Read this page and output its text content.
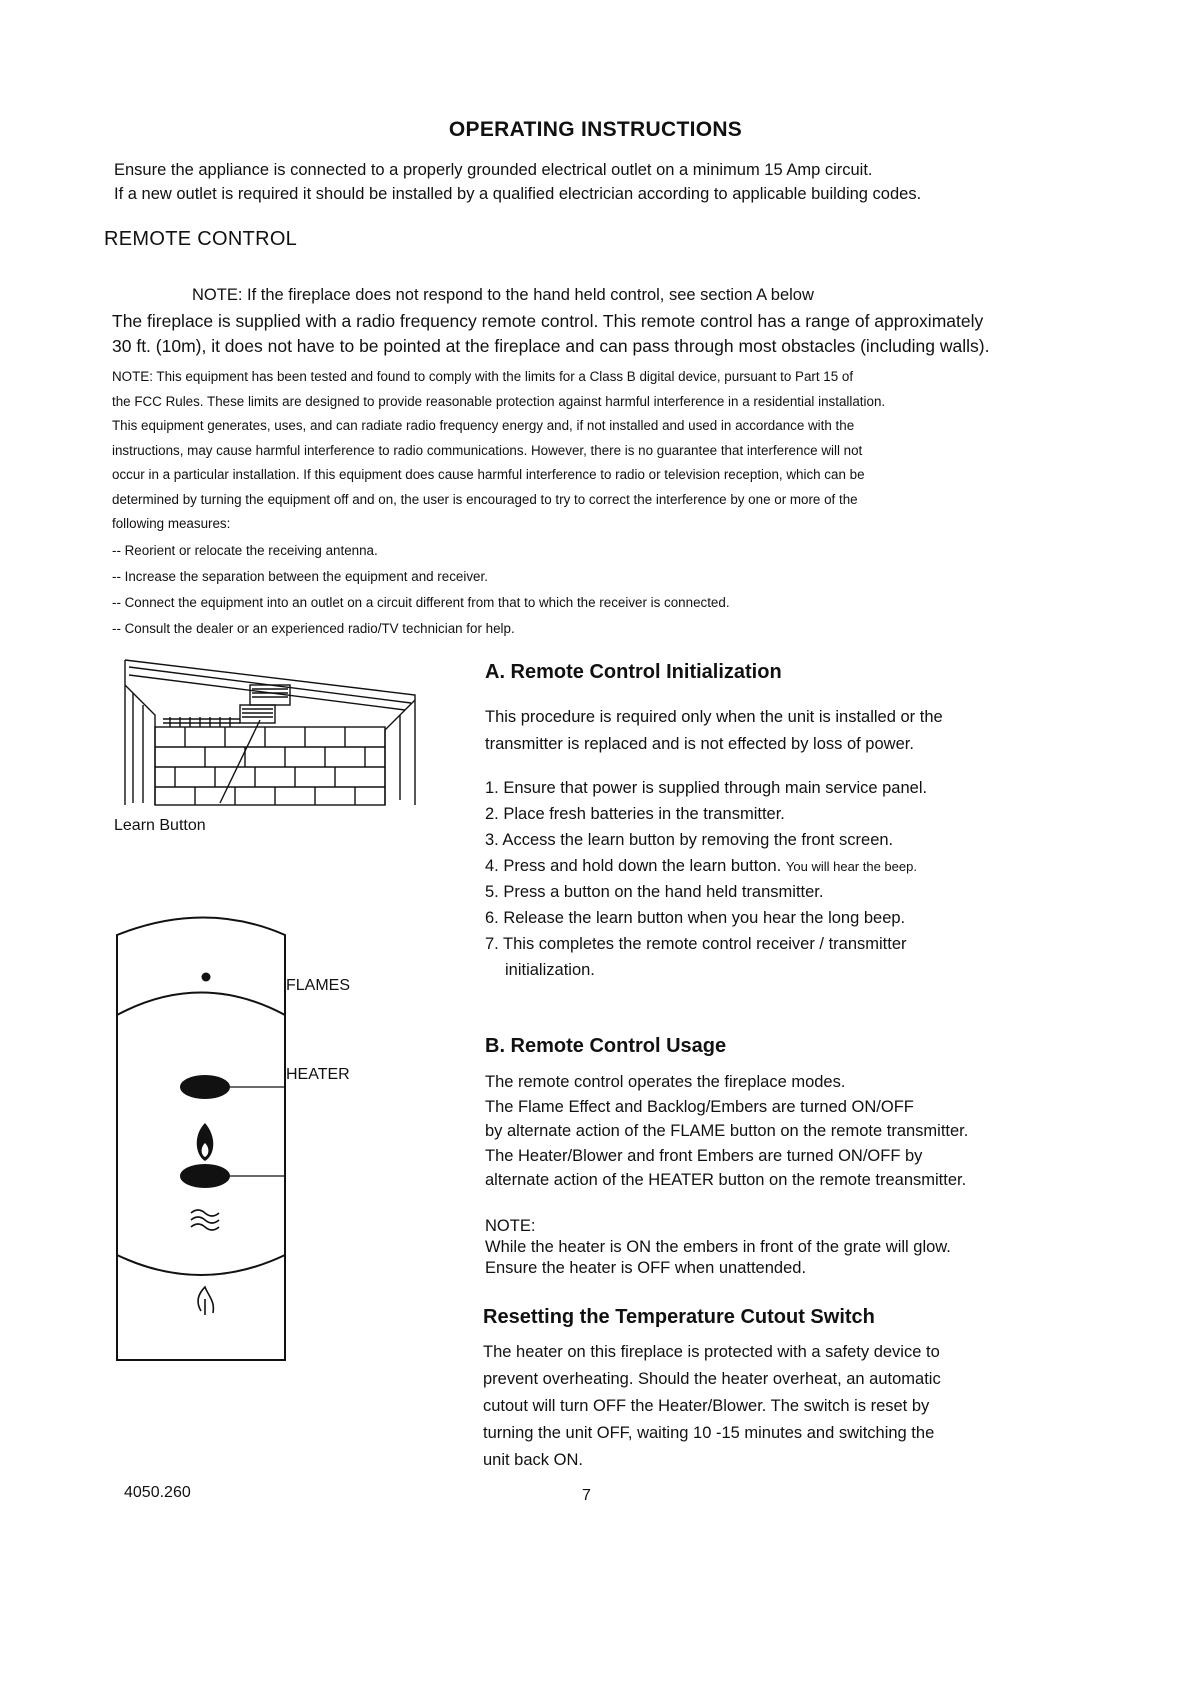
OPERATING INSTRUCTIONS

Ensure the appliance is connected to a properly grounded electrical outlet on a minimum 15 Amp circuit.

If a new outlet is required it should be installed by a qualified electrician according to applicable building codes.

REMOTE CONTROL
NOTE: If the fireplace does not respond to the hand held control, see section A below

The fireplace is supplied with a radio frequency remote control. This remote control has a range of approximately

30 ft. (10m), it does not have to be pointed at the fireplace and can pass through most obstacles (including walls).

NOTE: This equipment has been tested and found to comply with the limits for a Class B digital device, pursuant to Part 15 of

the FCC Rules. These limits are designed to provide reasonable protection against harmful interference in a residential installation.

This equipment generates, uses, and can radiate radio frequency energy and, if not installed and used in accordance with the

instructions, may cause harmful interference to radio communications. However, there is no guarantee that interference will not

occur in a particular installation. If this equipment does cause harmful interference to radio or television reception, which can be

determined by turning the equipment off and on, the user is encouraged to try to correct the interference by one or more of the

following measures:

-- Reorient or relocate the receiving antenna.

-- Increase the separation between the equipment and receiver.

-- Connect the equipment into an outlet on a circuit different from that to which the receiver is connected.

-- Consult the dealer or an experienced radio/TV technician for help.

Learn Button
FLAMES
HEATER
A. Remote Control Initialization

This procedure is required only when the unit is installed or the

transmitter is replaced and is not effected by loss of power.

1. Ensure that power is supplied through main service panel.
2. Place fresh batteries in the transmitter.
3. Access the learn button by removing the front screen.
4. Press and hold down the learn button. You will hear the beep.
5. Press a button on the hand held transmitter.
6. Release the learn button when you hear the long beep.
7. This completes the remote control receiver / transmitter
initialization.
B. Remote Control Usage

The remote control operates the fireplace modes.

The Flame Effect and Backlog/Embers are turned ON/OFF

by alternate action of the FLAME button on the remote transmitter.

The Heater/Blower and front Embers are turned ON/OFF by

alternate action of the HEATER button on the remote treansmitter.

NOTE:

While the heater is ON the embers in front of the grate will glow.

Ensure the heater is OFF when unattended.

Resetting the Temperature Cutout Switch

The heater on this fireplace is protected with a safety device to

prevent overheating. Should the heater overheat, an automatic

cutout will turn OFF the Heater/Blower. The switch is reset by

turning the unit OFF, waiting 10 -15 minutes and switching the

unit back ON.

4050.260	7
